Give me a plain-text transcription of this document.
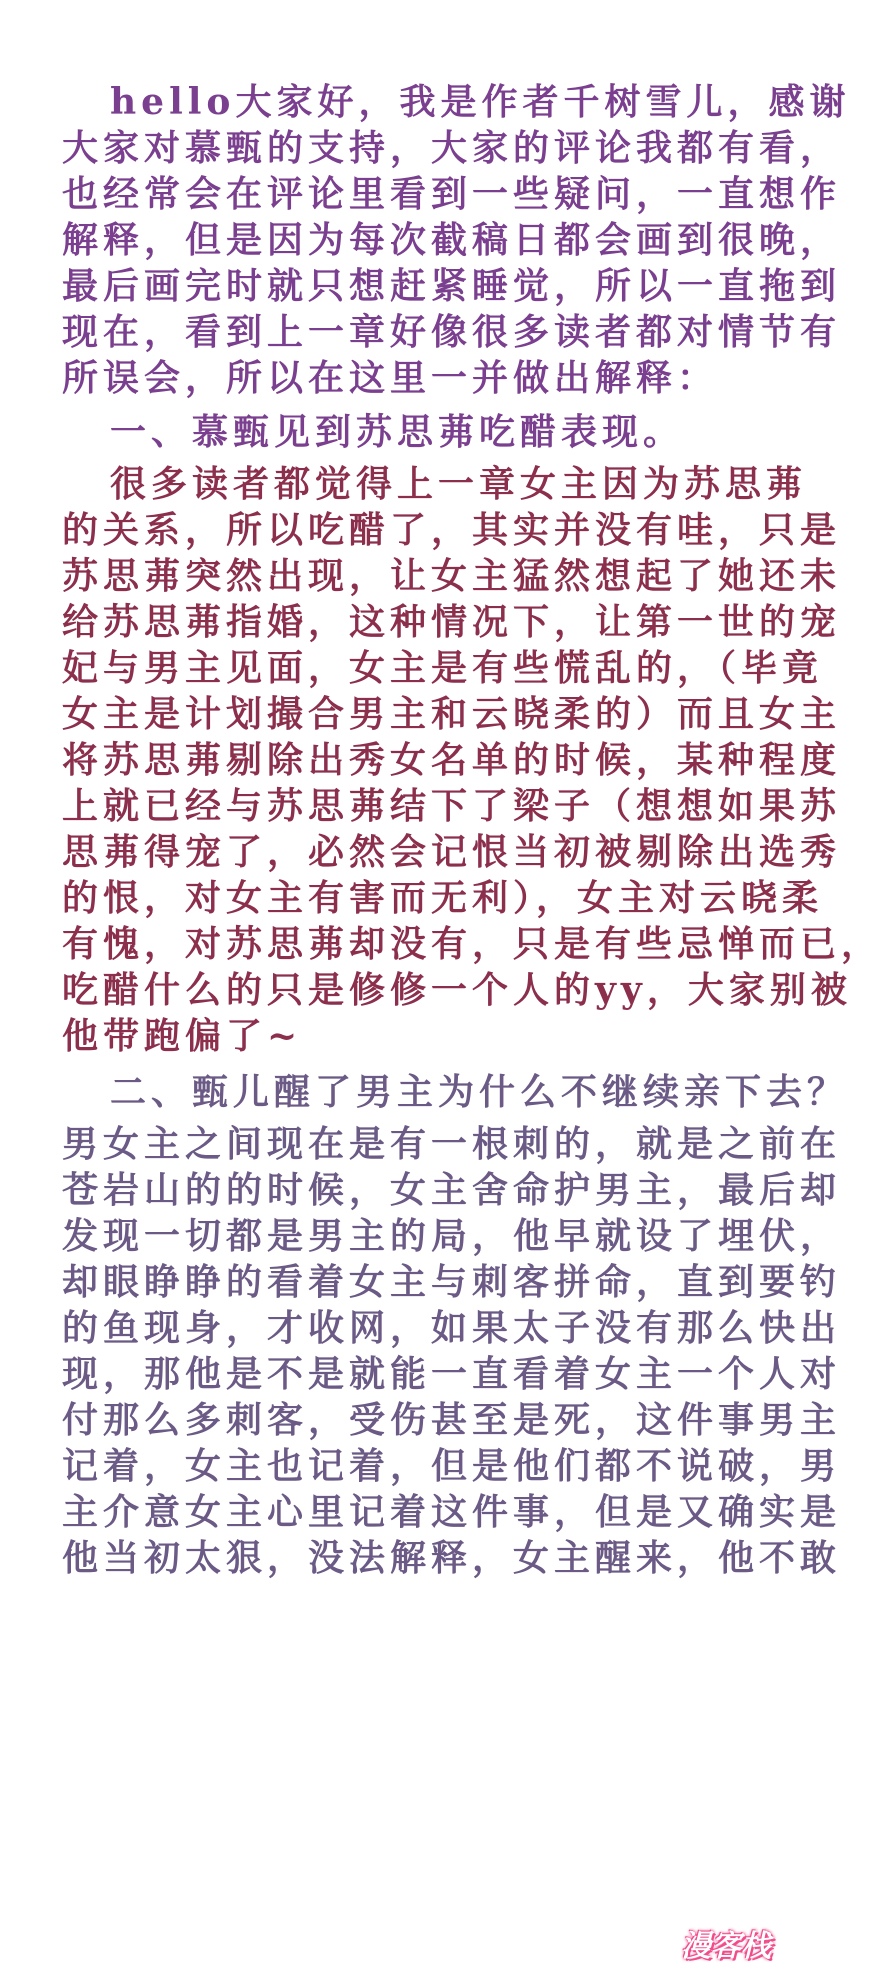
hello大家好，我是作者千树雪儿，感谢
大家对慕甄的支持，大家的评论我都有看，
也经常会在评论里看到一些疑问，一直想作
解释，但是因为每次截稿日都会画到很晚，
最后画完时就只想赶紧睡觉，所以一直拖到
现在，看到上一章好像很多读者都对情节有
所误会，所以在这里一并做出解释：
一、慕甄见到苏思茀吃醋表现。
很多读者都觉得上一章女主因为苏思茀
的关系，所以吃醋了，其实并没有哇，只是
苏思茀突然出现，让女主猛然想起了她还未
给苏思茀指婚，这种情况下，让第一世的宠
妃与男主见面，女主是有些慌乱的，（毕竟
女主是计划撮合男主和云晓柔的）而且女主
将苏思茀剔除出秀女名单的时候，某种程度
上就已经与苏思茀结下了梁子（想想如果苏
思茀得宠了，必然会记恨当初被剔除出选秀
的恨，对女主有害而无利），女主对云晓柔
有愧，对苏思茀却没有，只是有些忌惮而已，
吃醋什么的只是修修一个人的yy，大家别被
他带跑偏了~
二、甄儿醒了男主为什么不继续亲下去？
男女主之间现在是有一根刺的，就是之前在
苍岩山的的时候，女主舍命护男主，最后却
发现一切都是男主的局，他早就设了埋伏，
却眼睁睁的看着女主与刺客拼命，直到要钓
的鱼现身，才收网，如果太子没有那么快出
现，那他是不是就能一直看着女主一个人对
付那么多刺客，受伤甚至是死，这件事男主
记着，女主也记着，但是他们都不说破，男
主介意女主心里记着这件事，但是又确实是
他当初太狠，没法解释，女主醒来，他不敢
漫客栈
